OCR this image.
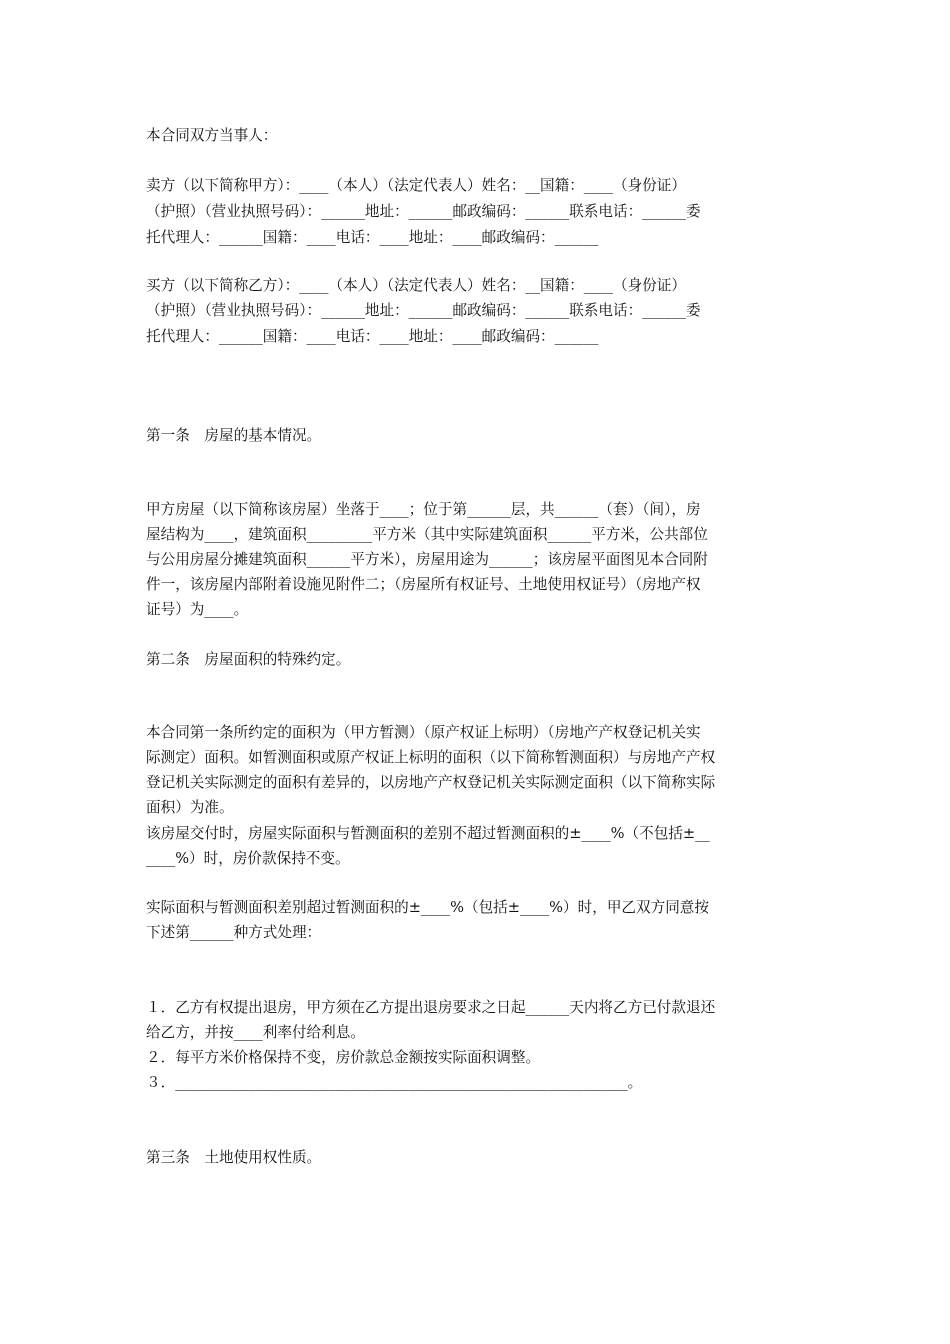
本合同双方当事人：
卖方（以下简称甲方）：____（本人）（法定代表人）姓名：__国籍：____（身份证）
（护照）（营业执照号码）：______地址：______邮政编码：______联系电话：______委
托代理人：______国籍：____电话：____地址：____邮政编码：______
买方（以下简称乙方）：____（本人）（法定代表人）姓名：__国籍：____（身份证）
（护照）（营业执照号码）：______地址：______邮政编码：______联系电话：______委
托代理人：______国籍：____电话：____地址：____邮政编码：______
第一条　房屋的基本情况。
甲方房屋（以下简称该房屋）坐落于____；位于第______层，共______（套）（间），房
屋结构为____，建筑面积_________平方米（其中实际建筑面积______平方米，公共部位
与公用房屋分摊建筑面积______平方米），房屋用途为______；该房屋平面图见本合同附
件一，该房屋内部附着设施见附件二；（房屋所有权证号、土地使用权证号）（房地产权
证号）为____。
第二条　房屋面积的特殊约定。
本合同第一条所约定的面积为（甲方暂测）（原产权证上标明）（房地产产权登记机关实
际测定）面积。如暂测面积或原产权证上标明的面积（以下简称暂测面积）与房地产产权
登记机关实际测定的面积有差异的，以房地产产权登记机关实际测定面积（以下简称实际
面积）为准。
该房屋交付时，房屋实际面积与暂测面积的差别不超过暂测面积的±____%（不包括±__
____%）时，房价款保持不变。
实际面积与暂测面积差别超过暂测面积的±____%（包括±____%）时，甲乙双方同意按
下述第______种方式处理：
１．乙方有权提出退房，甲方须在乙方提出退房要求之日起______天内将乙方已付款退还
给乙方，并按____利率付给利息。
２．每平方米价格保持不变，房价款总金额按实际面积调整。
３．______________________________________________________________。
第三条　土地使用权性质。
